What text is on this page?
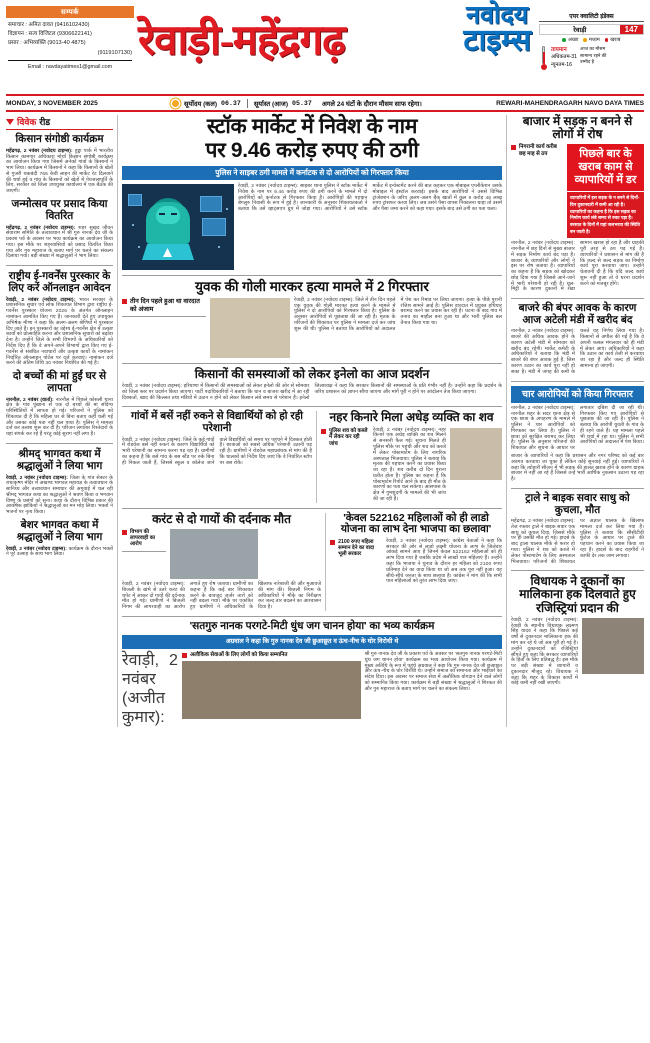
सम्पर्क
समाचार : अमित दावत (9416102430)
विज्ञापन : सत्य विजिटल (9306622141)
प्रसार : अभिव्यक्ति (9013-40 4875)
(9119107130)
Email : navdayatimes1@gmail.com
रेवाड़ी-महेंद्रगढ़
नवोदय
टाइम्स
एयर क्वालिटी इंडेक्स
रेवाड़ी	147
अच्छा मध्यम खराब
तापमान
अधिकतम-31
न्यूनतम-16
आज का मौसम सामान्य रहने की उम्मीद है
MONDAY, 3 NOVEMBER 2025	सूर्योदय (कल) 06.37 सूर्यास्त (आज) 05.37 अगले 24 घंटों के दौरान मौसम साफ रहेगा।	REWARI-MAHENDRAGARH NAVO DAYA TIMES
विवेक रीड
किसान संगोष्ठी कार्यक्रम
महेंद्रगढ़, 2 नवंबर (नवोदय टाइम्स): हुड्डा पार्क में भारतीय किसान कामगार अधिकारा मोर्चा किसान संगोष्ठी कार्यक्रम का आयोजन किया गया जिसमें अनेकों गांवों के किसानों ने भाग लिया। कार्यक्रम में किसानों ने कहा कि किसानों के खेतों से गुजरी चकबंदी 765 केवी लाइन की मार्केट रेट दिलवाने की चर्चा हुई व गांव के किसानों को खेतों में पेयजलापूर्ति के लिए, सरकार को जिला उपायुक्त कार्यालय में एक बैठक की जाएगी।
जन्मोत्सव पर प्रसाद किया वितरित
महेंद्रगढ़, 2 नवंबर (नवोदय टाइम्स): शहर सुखद जीवन सेवाराम समिति के तत्वावधान में श्री गुरु नानक देव जी के प्रकाश पर्व के अवसर पर भव्य कार्यक्रम का आयोजन किया गया। इस मौके पर शहरवासियों को प्रसाद वितरित किया गया और गुरु महाराज के बताए मार्ग पर चलने का संकल्प दिलाया गया। बड़ी संख्या में श्रद्धालुओं ने भाग लिया।
राष्ट्रीय ई-गवर्नेंस पुरस्कार के लिए करें ऑनलाइन आवेदन
रेवाड़ी, 2 नवंबर (नवोदय टाइम्स): भारत सरकार के प्रशासनिक सुधार एवं लोक शिकायत विभाग द्वारा राष्ट्रीय ई-गवर्नेंस पुरस्कार योजना 2026 के अंतर्गत ऑनलाइन नामांकन आमंत्रित किए गए हैं। जानकारी देते हुए उपायुक्त अभिषेक मीणा ने कहा कि अलग-अलग श्रेणियों में पुरस्कार दिए जाते हैं। इन पुरस्कारों का उद्देश्य ई-गवर्नेंस क्षेत्र में उत्कृष्ट कार्यों को प्रोत्साहित करना और प्रशासनिक सुधारों को बढ़ावा देना है। उन्होंने जिले के सभी विभागों के अधिकारियों को निर्देश दिए हैं कि वे अपने-अपने विभागों द्वारा किए गए ई-गवर्नेंस से संबंधित नवाचारों और उत्कृष्ट कार्यों के नामांकन निर्धारित ऑनलाइन पोर्टल पर दर्ज करवाएं। नामांकन दर्ज करने की अंतिम तिथि 30 नवंबर निर्धारित की गई है।
दो बच्चों की मां हुईं घर से लापता
नारनौल, 2 नवंबर (वार्ता): नारनौल में पिछले कोसली थाना क्षेत्र के गांव पुंखाना से एक दो बच्चों की मां संदिग्ध परिस्थितियों में लापता हो गई। परिजनों ने पुलिस को शिकायत दी है कि महिला घर से बिना बताए कहीं चली गई और उसका कोई पता नहीं चल पाया है। पुलिस ने मामला दर्ज कर तलाश शुरू कर दी है। परिजन लगातार रिश्तेदारों के यहां संपर्क कर रहे हैं परंतु कोई सुराग नहीं लगा है।
श्रीमद् भागवत कथा में श्रद्धालुओं ने लिया भाग
रेवाड़ी, 2 नवंबर (नवोदय टाइम्स): जिला के गांव सेक्टर के राधाकृष्ण मंदिर में अखण्ड भागवत महायज्ञ के तत्वावधान के सानिध्य और तत्वावधान समाचार की अगुवाई में चल रही श्रीमद् भागवत कथा का श्रद्धालुओं ने श्रवण किया व भगवान विष्णु के प्रसंगों को सुना। कथा के दौरान विभिन्न प्रकार की आकर्षक झांकियों ने श्रद्धालुओं का मन मोह लिया। भक्तों ने भजनों पर नृत्य किया।
बेशर भागवत कथा में श्रद्धालुओं ने लिया भाग
रेवाड़ी, 2 नवंबर (नवोदय टाइम्स): कार्यक्रम के दौरान भक्तों ने पूरे उत्साह के साथ भाग लिया।
स्टॉक मार्केट में निवेश के नाम
पर 9.46 करोड़ रुपए की ठगी
पुलिस ने साइबर ठगी मामले में कर्नाटक से दो आरोपियों को गिरफ्तार किया
रेवाड़ी, 2 नवंबर (नवोदय टाइम्स): साइबर थाना पुलिस ने स्टॉक मार्केट में निवेश के नाम पर 9.46 करोड़ रुपए की ठगी करने के मामले में दो आरोपियों को कर्नाटक से गिरफ्तार किया है। आरोपियों की पहचान बेंगलुरु निवासी के रूप में हुई है। जानकारी के अनुसार शिकायतकर्ता ने बताया कि उसे व्हाट्सएप ग्रुप में जोड़ा गया। आरोपियों ने उसे स्टॉक मार्केट में इन्वेस्टमेंट करने की बात कहकर एक मोबाइल एप्लीकेशन उसके मोबाइल में इंस्टॉल करवाई। इसके बाद आरोपियों ने उससे विभिन्न ट्रांजेक्शन के जरिए अलग-अलग बैंक खातों में कुल 9 करोड़ 46 लाख रुपए ट्रांसफर करवा लिए। जब उसने पैसा वापस निकालना चाहा तो उसमें और पैसा जमा करने को कहा गया। इसके बाद उसे ठगी का पता चला।
युवक की गोली मारकर हत्या मामले में 2 गिरफ्तार
तीन दिन पहले हुआ था वारदात को अंजाम
रेवाड़ी, 2 नवंबर (नवोदय टाइम्स): जिले में तीन दिन पहले एक युवक की गोली मारकर हत्या करने के मामले में पुलिस ने दो आरोपियों को गिरफ्तार किया है। पुलिस के अनुसार आरोपियों से पूछताछ की जा रही है। मृतक के परिजनों की शिकायत पर पुलिस ने मामला दर्ज कर जांच शुरू की थी। पुलिस ने बताया कि आरोपियों को अदालत में पेश कर रिमांड पर लिया जाएगा। हत्या के पीछे पुरानी रंजिश सामने आई है। पुलिस वारदात में प्रयुक्त हथियार बरामद करने का प्रयास कर रही है। घटना के बाद गांव में तनाव का माहौल बना हुआ था और भारी पुलिस बल तैनात किया गया था।
किसानों की समस्याओं को लेकर इनेलो का आज प्रदर्शन
रेवाड़ी, 2 नवंबर (नवोदय टाइम्स): हरियाणा में किसानों की समस्याओं को लेकर इनेलो की ओर से सोमवार को जिला स्तर पर प्रदर्शन किया जाएगा। पार्टी पदाधिकारियों ने बताया कि धान व बाजरा खरीद में आ रही दिक्कतों, खाद की किल्लत तथा मंडियों में उठान न होने को लेकर किसान लंबे समय से परेशान हैं। इनेलो जिलाध्यक्ष ने कहा कि सरकार किसानों की समस्याओं के प्रति गंभीर नहीं है। उन्होंने कहा कि प्रदर्शन के जरिए प्रशासन को ज्ञापन सौंपा जाएगा और मांगें पूरी न होने पर आंदोलन तेज किया जाएगा।
गांवों में बसें नहीं रुकने से विद्यार्थियों को हो रही परेशानी
रेवाड़ी, 2 नवंबर (नवोदय टाइम्स): जिले के कई गांवों में रोडवेज बसें नहीं रुकने के कारण विद्यार्थियों को भारी परेशानी का सामना करना पड़ रहा है। ग्रामीणों का कहना है कि बसें गांव के बस स्टैंड पर रुके बिना ही निकल जाती हैं, जिससे स्कूल व कॉलेज जाने वाले विद्यार्थियों को समय पर पहुंचने में दिक्कत होती है। छात्राओं को सबसे अधिक परेशानी उठानी पड़ रही है। ग्रामीणों ने रोडवेज महाप्रबंधक से मांग की है कि चालकों को निर्देश दिए जाएं कि वे निर्धारित स्टॉप पर बस रोकें।
नहर किनारे मिला अधेड़ व्यक्ति का शव
पुलिस शव को कब्जे में लेकर कर रही जांच
रेवाड़ी, 2 नवंबर (नवोदय टाइम्स): नहर किनारे एक अधेड़ व्यक्ति का शव मिलने से सनसनी फैल गई। सूचना मिलते ही पुलिस मौके पर पहुंची और शव को कब्जे में लेकर पोस्टमार्टम के लिए नागरिक अस्पताल भिजवाया। पुलिस ने बताया कि मृतक की पहचान करने का प्रयास किया जा रहा है। शव करीब दो दिन पुराना प्रतीत होता है। पुलिस का कहना है कि पोस्टमार्टम रिपोर्ट आने के बाद ही मौत के कारणों का पता चल सकेगा। आसपास के क्षेत्र में गुमशुदगी के मामलों की भी जांच की जा रही है।
करंट से दो गायों की दर्दनाक मौत
विभाग की लापरवाही का आरोप
रेवाड़ी, 2 नवंबर (नवोदय टाइम्स): बिजली के खंभे से उतरे करंट की चपेट में आकर दो गायों की दर्दनाक मौत हो गई। ग्रामीणों ने बिजली निगम की लापरवाही का आरोप लगाते हुए रोष जताया। ग्रामीणों का कहना है कि कई बार शिकायत करने के बावजूद जर्जर तारों को नहीं बदला गया। मौके पर एकत्रित हुए ग्रामीणों ने अधिकारियों के खिलाफ नारेबाजी की और मुआवजे की मांग की। बिजली निगम के अधिकारियों ने मौके का निरीक्षण कर जल्द तार बदलने का आश्वासन दिया है।
'केवल 522162 महिलाओं को ही लाडो योजना का लाभ देना भाजपा का छलावा'
2100 रुपए महिला सम्मान देने का वादा भूली सरकार
रेवाड़ी, 2 नवंबर (नवोदय टाइम्स): कांग्रेस नेताओं ने कहा कि सरकार की ओर से लाडो लक्ष्मी योजना के लाभ के जिलेवार आंकड़े सामने आए हैं जिनमें केवल 522162 महिलाओं को ही लाभ दिया गया है जबकि प्रदेश में लाखों पात्र महिलाएं हैं। उन्होंने कहा कि भाजपा ने चुनाव के दौरान हर महिला को 2100 रुपए प्रतिमाह देने का वादा किया था जो अब तक पूरा नहीं हुआ। यह सीधे-सीधे जनता के साथ छलावा है। कांग्रेस ने मांग की कि सभी पात्र महिलाओं को तुरंत लाभ दिया जाए।
'सतगुरु नानक परगटे-मिटी धुंध जग चानन होया' का भव्य कार्यक्रम
अग्रवाल ने कहा कि गुरु नानक देव जी छुआछूत व ऊंच-नीच के घोर विरोधी थे
रेवाड़ी, 2 नवंबर (अजीत कुमार):
अलौकिक सेवाओं के लिए लोगों को किया सम्मानित	श्री गुरु नानक देव जी के प्रकाश पर्व के अवसर पर 'सतगुरु नानक परगटे-मिटी धुंध जग चानन होया' कार्यक्रम का भव्य आयोजन किया गया। कार्यक्रम में मुख्य अतिथि के रूप में पहुंचे अग्रवाल ने कहा कि गुरु नानक देव जी छुआछूत और ऊंच-नीच के घोर विरोधी थे। उन्होंने समाज को समानता और भाईचारे का संदेश दिया। इस अवसर पर समाज सेवा में अलौकिक योगदान देने वाले लोगों को सम्मानित किया गया। कार्यक्रम में बड़ी संख्या में श्रद्धालुओं ने शिरकत की और गुरु महाराज के बताए मार्ग पर चलने का संकल्प लिया।
बाजार में सड़क न बनने से लोगों में रोष
निगरानी कार्य करीब छह माह से ठप	पिछले बार के खराब काम से व्यापारियों में डर
व्यापारियों में इस सड़क के न बनने से दिनों-दिन दुकानदारी में कमी आ रही है। व्यापारियों का कहना है कि इस सड़क का निर्माण कार्य लंबे समय से रुका पड़ा है। बरसात के दिनों में यहां जलभराव की स्थिति बन जाती है।
नारनौल, 2 नवंबर (नवोदय टाइम्स): नारनौल में छह दिनों से मुख्य बाजार में सड़क निर्माण कार्य बंद पड़ा है। बाजार के व्यापारियों और लोगों ने इस पर रोष जताया है। व्यापारियों का कहना है कि सड़क को खोदकर छोड़ दिया गया है जिससे आने-जाने में भारी परेशानी हो रही है। धूल-मिट्टी के कारण दुकानों में रखा सामान खराब हो रहा है और ग्राहकी पूरी तरह से ठप पड़ गई है। व्यापारियों ने प्रशासन से मांग की है कि जल्द से जल्द सड़क का निर्माण कार्य पूरा करवाया जाए। उन्होंने चेतावनी दी है कि यदि जल्द कार्य शुरू नहीं हुआ तो वे धरना प्रदर्शन करने को मजबूर होंगे।
बाजरे की बंपर आवक के कारण आज अटेली मंडी में खरीद बंद
नारनौल, 2 नवंबर (नवोदय टाइम्स): बाजरे की अधिक आवक होने के कारण अटेली मंडी में सोमवार को खरीद बंद रहेगी। मार्केट कमेटी के अधिकारियों ने बताया कि मंडी में बाजरे की बंपर आवक हुई है, जिस कारण उठान का कार्य पूरा नहीं हो सका है। मंडी में जगह की कमी के चलते यह निर्णय लिया गया है। किसानों से अपील की गई है कि वे अपनी फसल मंगलवार को ही मंडी में लेकर आएं। अधिकारियों ने कहा कि उठान का कार्य तेजी से करवाया जा रहा है और जल्द ही स्थिति सामान्य हो जाएगी।
चार आरोपियों को किया गिरफ्तार
नारनौल, 2 नवंबर (नवोदय टाइम्स): नारनौल शहर के सदर थाना क्षेत्र से एक छात्रा के अपहरण के मामले में पुलिस ने चार आरोपियों को गिरफ्तार कर लिया है। पुलिस ने छात्रा को सुरक्षित बरामद कर लिया है। पुलिस के अनुसार परिजनों की शिकायत और सूचना के आधार पर लगातार दबिश दी जा रही थी। गिरफ्तार किए गए आरोपियों से पूछताछ की जा रही है। पुलिस ने बताया कि आरोपी युवती के गांव के ही रहने वाले हैं। यह मामला पहले भी चर्चा में रहा था। पुलिस ने सभी आरोपियों को अदालत में पेश किया।
बाजार के व्यापारियों ने कहा कि प्रशासन और नगर परिषद को कई बार अवगत करवाया जा चुका है लेकिन कोई सुनवाई नहीं हुई। व्यापारियों ने कहा कि त्योहारी सीजन में भी सड़क की हालत खराब होने के कारण ग्राहक बाजार में नहीं आ रहे हैं जिससे उन्हें भारी आर्थिक नुकसान उठाना पड़ रहा है।
ट्राले ने बाइक सवार साधु को कुचला, मौत
महेंद्रगढ़, 2 नवंबर (नवोदय टाइम्स): तेज रफ्तार ट्राले ने बाइक सवार एक साधु को कुचल दिया, जिससे मौके पर ही उसकी मौत हो गई। हादसे के बाद ट्राला चालक मौके से फरार हो गया। पुलिस ने शव को कब्जे में लेकर पोस्टमार्टम के लिए अस्पताल भिजवाया। परिजनों की शिकायत पर अज्ञात चालक के खिलाफ मामला दर्ज कर लिया गया है। पुलिस ने बताया कि सीसीटीवी फुटेज के आधार पर ट्राले की पहचान करने का प्रयास किया जा रहा है। हादसे के बाद राहगीरों ने काफी देर तक जाम लगाया।
विधायक ने दुकानों का मालिकाना हक दिलवाते हुए रजिस्ट्रियां प्रदान की
रेवाड़ी, 2 नवंबर (नवोदय टाइम्स): रेवाड़ी के स्थानीय विधायक लक्ष्मण सिंह यादव ने कहा कि पिछले कई वर्षों से दुकानदार मालिकाना हक की मांग कर रहे थे जो अब पूरी हो गई है। उन्होंने दुकानदारों को रजिस्ट्रियां सौंपते हुए कहा कि सरकार व्यापारियों के हितों के लिए प्रतिबद्ध है। इस मौके पर बड़ी संख्या में व्यापारी व दुकानदार मौजूद रहे। विधायक ने कहा कि शहर के विकास कार्यों में कोई कमी नहीं रखी जाएगी।
